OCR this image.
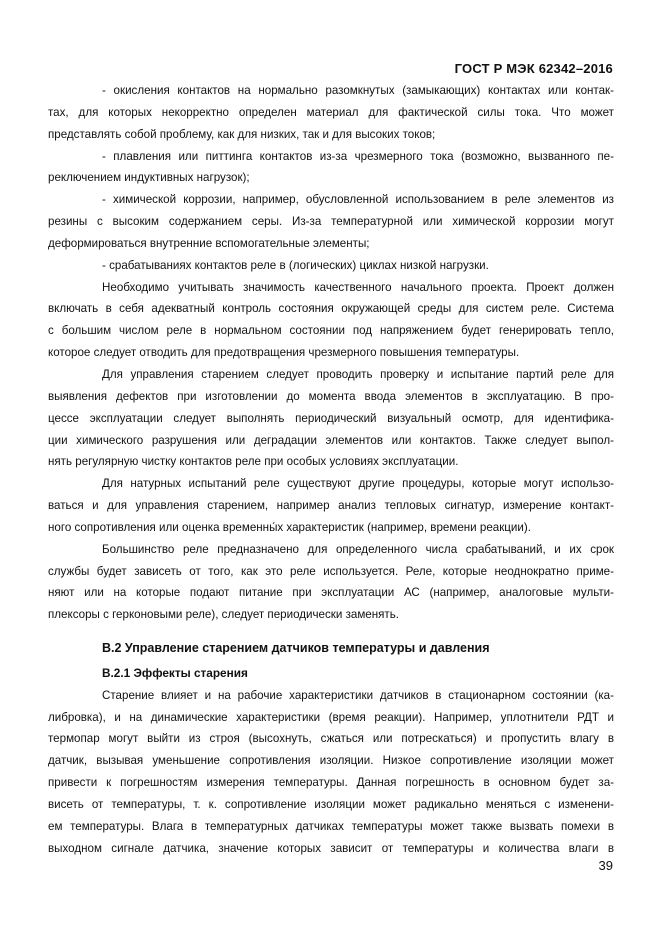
ГОСТ Р МЭК 62342–2016
- окисления контактов на нормально разомкнутых (замыкающих) контактах или контак-
тах, для которых некорректно определен материал для фактической силы тока. Что может
представлять собой проблему, как для низких, так и для высоких токов;
- плавления или питтинга контактов из-за чрезмерного тока (возможно, вызванного пе-
реключением индуктивных нагрузок);
- химической коррозии, например, обусловленной использованием в реле элементов из
резины с высоким содержанием серы. Из-за температурной или химической коррозии могут
деформироваться внутренние вспомогательные элементы;
- срабатываниях контактов реле в (логических) циклах низкой нагрузки.
Необходимо учитывать значимость качественного начального проекта. Проект должен
включать в себя адекватный контроль состояния окружающей среды для систем реле. Система
с большим числом реле в нормальном состоянии под напряжением будет генерировать тепло,
которое следует отводить для предотвращения чрезмерного повышения температуры.
Для управления старением следует проводить проверку и испытание партий реле для
выявления дефектов при изготовлении до момента ввода элементов в эксплуатацию. В про-
цессе эксплуатации следует выполнять периодический визуальный осмотр, для идентифика-
ции химического разрушения или деградации элементов или контактов. Также следует выпол-
нять регулярную чистку контактов реле при особых условиях эксплуатации.
Для натурных испытаний реле существуют другие процедуры, которые могут использо-
ваться и для управления старением, например анализ тепловых сигнатур, измерение контакт-
ного сопротивления или оценка временны́х характеристик (например, времени реакции).
Большинство реле предназначено для определенного числа срабатываний, и их срок
службы будет зависеть от того, как это реле используется. Реле, которые неоднократно приме-
няют или на которые подают питание при эксплуатации АС (например, аналоговые мульти-
плексоры с герконовыми реле), следует периодически заменять.
В.2 Управление старением датчиков температуры и давления
В.2.1 Эффекты старения
Старение влияет и на рабочие характеристики датчиков в стационарном состоянии (ка-
либровка), и на динамические характеристики (время реакции). Например, уплотнители РДТ и
термопар могут выйти из строя (высохнуть, сжаться или потрескаться) и пропустить влагу в
датчик, вызывая уменьшение сопротивления изоляции. Низкое сопротивление изоляции может
привести к погрешностям измерения температуры. Данная погрешность в основном будет за-
висеть от температуры, т. к. сопротивление изоляции может радикально меняться с изменени-
ем температуры. Влага в температурных датчиках температуры может также вызвать помехи в
выходном сигнале датчика, значение которых зависит от температуры и количества влаги в
39
